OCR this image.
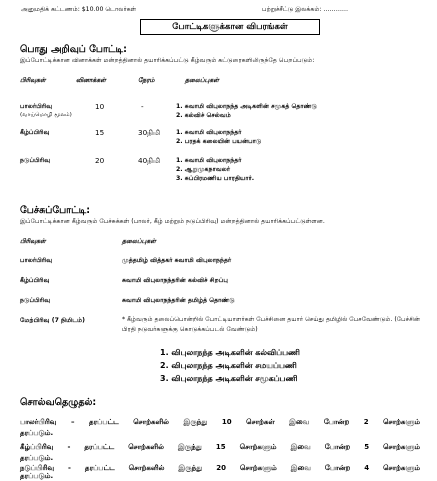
அனுமதிக் கட்டணம்: $10.00 டொலர்கள்	பற்றுச்சீட்டு இலக்கம்: …………
போட்டிகளுக்கான விபரங்கள்
பொது அறிவுப் போட்டி:
இப்போட்டிக்கான வினாக்கள் மன்றத்தினால் தயாரிக்கப்பட்டு கீழ்வரும் கட்டுரைகளிலிருந்தே பெறப்படும்:
பிரிவுகள்	வினாக்கள்	நேரம்	தலைப்புகள்
பாலர்பிரிவு
(வாய்மொழி மூலம்)
10	-	1. சுவாமி விபுலாநந்த அடிகளின் சமூகத் தொண்டு
2. கல்விச் செல்வம்
கீழ்ப்பிரிவு	15	30நிமி	1. சுவாமி விபுலாநந்தர்
2. பரதக் கலையின் பயன்பாடு
நடுப்பிரிவு	20	40நிமி	1. சுவாமி விபுலாநந்தர்
2. ஆறுமுகநாவலர்
3. சுப்பிரமணிய பாரதியார்.
பேச்சுப்போட்டி:
இப்போட்டிக்கான கீழ்வரும் பேச்சுக்கள் (பாலர், கீழ் மற்றும் நடுப்பிரிவு) மன்றத்தினால் தயாரிக்கப்பட்டுள்ளன.
பிரிவுகள்	தலைப்புகள்
பாலர்பிரிவு	முத்தமிழ் வித்தகர் சுவாமி விபுலாநந்தர்
கீழ்ப்பிரிவு	சுவாமி விபுலாநந்தரின் கல்விச் சிறப்பு
நடுப்பிரிவு	சுவாமி விபுலாநந்தரின் தமிழ்த் தொண்டு
மேற்பிரிவு (7 நிமிடம்)	* கீழ்வரும் தலைப்பொன்றில் போட்டியாளர்கள் பேச்சினை தயார் செய்து தமிழில் பேசவேண்டும். (பேச்சின் பிரதி நடுவர்களுக்கு கொடுக்கப்படல் வேண்டும்)
1. விபுலாநந்த அடிகளின் கல்விப்பணி
2. விபுலாநந்த அடிகளின் சமயப்பணி
3. விபுலாநந்த அடிகளின் சமூகப்பணி
சொல்வதெழுதல்:
பாலர்பிரிவு – தரப்பட்ட சொற்களில் இருந்து 10 சொற்கள் இவை போன்ற 2 சொற்களும்
தரப்படும்.
கீழ்ப்பிரிவு - தரப்பட்ட சொற்களில் இருந்து 15 சொற்களும் இவை போன்ற 5 சொற்களும்
தரப்படும்.
நடுப்பிரிவு - தரப்பட்ட சொற்களில் இருந்து 20 சொற்களும் இவை போன்ற 4 சொற்களும்
தரப்படும்.
